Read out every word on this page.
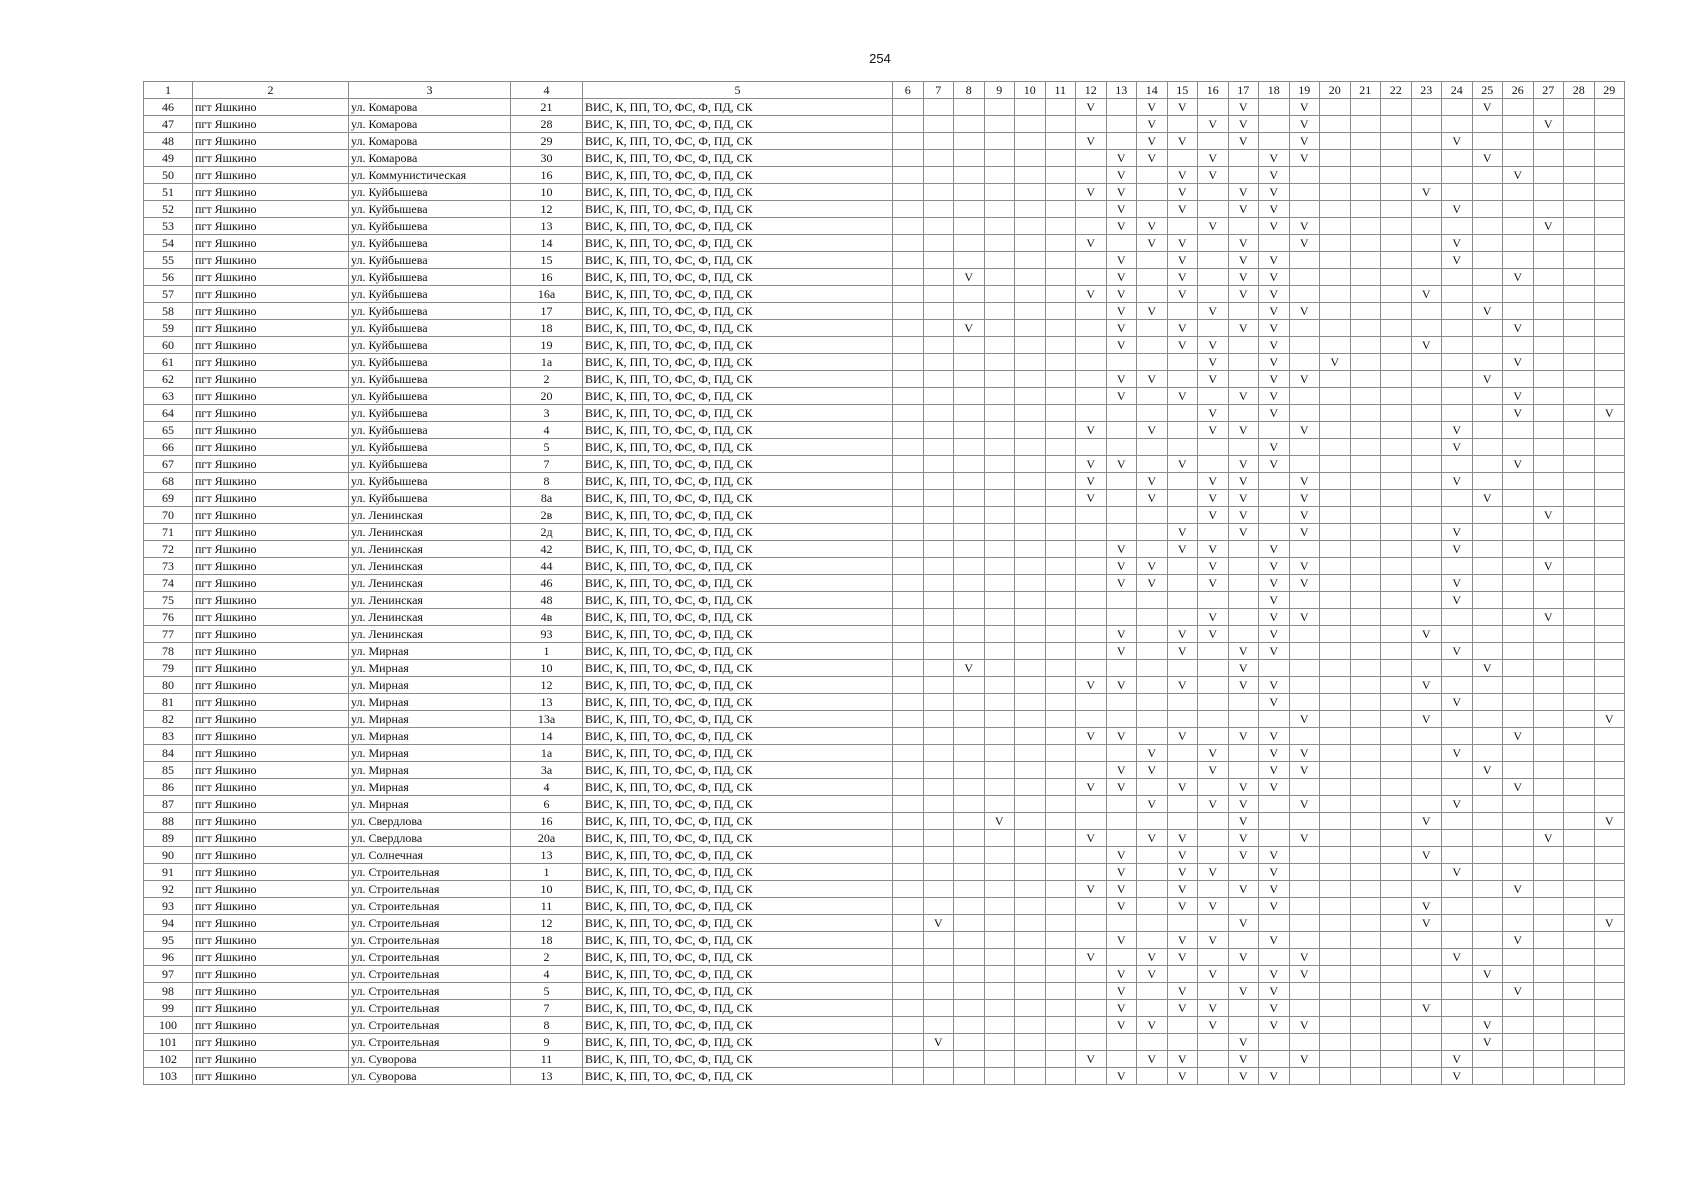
254
1	2	3	4	5	6	7	8	9	10	11	12	13	14	15	16	17	18	19	20	21	22	23	24	25	26	27	28	29
46	пгт Яшкино	ул. Комарова	21	ВИС, К, ПП, ТО, ФС, Ф, ПД, СК							V		V	V		V		V						V				
47	пгт Яшкино	ул. Комарова	28	ВИС, К, ПП, ТО, ФС, Ф, ПД, СК									V		V	V		V								V		
48	пгт Яшкино	ул. Комарова	29	ВИС, К, ПП, ТО, ФС, Ф, ПД, СК							V		V	V		V		V					V					
49	пгт Яшкино	ул. Комарова	30	ВИС, К, ПП, ТО, ФС, Ф, ПД, СК								V	V		V		V	V						V				
50	пгт Яшкино	ул. Коммунистическая	16	ВИС, К, ПП, ТО, ФС, Ф, ПД, СК								V		V	V		V								V			
51	пгт Яшкино	ул. Куйбышева	10	ВИС, К, ПП, ТО, ФС, Ф, ПД, СК							V	V		V		V	V					V						
52	пгт Яшкино	ул. Куйбышева	12	ВИС, К, ПП, ТО, ФС, Ф, ПД, СК								V		V		V	V						V					
53	пгт Яшкино	ул. Куйбышева	13	ВИС, К, ПП, ТО, ФС, Ф, ПД, СК								V	V		V		V	V								V		
54	пгт Яшкино	ул. Куйбышева	14	ВИС, К, ПП, ТО, ФС, Ф, ПД, СК							V		V	V		V		V					V					
55	пгт Яшкино	ул. Куйбышева	15	ВИС, К, ПП, ТО, ФС, Ф, ПД, СК								V		V		V	V						V					
56	пгт Яшкино	ул. Куйбышева	16	ВИС, К, ПП, ТО, ФС, Ф, ПД, СК			V					V		V		V	V								V			
57	пгт Яшкино	ул. Куйбышева	16а	ВИС, К, ПП, ТО, ФС, Ф, ПД, СК							V	V		V		V	V					V						
58	пгт Яшкино	ул. Куйбышева	17	ВИС, К, ПП, ТО, ФС, Ф, ПД, СК								V	V		V		V	V						V				
59	пгт Яшкино	ул. Куйбышева	18	ВИС, К, ПП, ТО, ФС, Ф, ПД, СК			V					V		V		V	V								V			
60	пгт Яшкино	ул. Куйбышева	19	ВИС, К, ПП, ТО, ФС, Ф, ПД, СК								V		V	V		V					V						
61	пгт Яшкино	ул. Куйбышева	1а	ВИС, К, ПП, ТО, ФС, Ф, ПД, СК											V		V		V						V			
62	пгт Яшкино	ул. Куйбышева	2	ВИС, К, ПП, ТО, ФС, Ф, ПД, СК								V	V		V		V	V						V				
63	пгт Яшкино	ул. Куйбышева	20	ВИС, К, ПП, ТО, ФС, Ф, ПД, СК								V		V		V	V								V			
64	пгт Яшкино	ул. Куйбышева	3	ВИС, К, ПП, ТО, ФС, Ф, ПД, СК											V		V								V			V
65	пгт Яшкино	ул. Куйбышева	4	ВИС, К, ПП, ТО, ФС, Ф, ПД, СК							V		V		V	V		V					V					
66	пгт Яшкино	ул. Куйбышева	5	ВИС, К, ПП, ТО, ФС, Ф, ПД, СК													V						V					
67	пгт Яшкино	ул. Куйбышева	7	ВИС, К, ПП, ТО, ФС, Ф, ПД, СК							V	V		V		V	V								V			
68	пгт Яшкино	ул. Куйбышева	8	ВИС, К, ПП, ТО, ФС, Ф, ПД, СК							V		V		V	V		V					V					
69	пгт Яшкино	ул. Куйбышева	8а	ВИС, К, ПП, ТО, ФС, Ф, ПД, СК							V		V		V	V		V						V				
70	пгт Яшкино	ул. Ленинская	2в	ВИС, К, ПП, ТО, ФС, Ф, ПД, СК											V	V		V								V		
71	пгт Яшкино	ул. Ленинская	2д	ВИС, К, ПП, ТО, ФС, Ф, ПД, СК										V		V		V					V					
72	пгт Яшкино	ул. Ленинская	42	ВИС, К, ПП, ТО, ФС, Ф, ПД, СК								V		V	V		V						V					
73	пгт Яшкино	ул. Ленинская	44	ВИС, К, ПП, ТО, ФС, Ф, ПД, СК								V	V		V		V	V								V		
74	пгт Яшкино	ул. Ленинская	46	ВИС, К, ПП, ТО, ФС, Ф, ПД, СК								V	V		V		V	V					V					
75	пгт Яшкино	ул. Ленинская	48	ВИС, К, ПП, ТО, ФС, Ф, ПД, СК													V						V					
76	пгт Яшкино	ул. Ленинская	4в	ВИС, К, ПП, ТО, ФС, Ф, ПД, СК											V		V	V								V		
77	пгт Яшкино	ул. Ленинская	93	ВИС, К, ПП, ТО, ФС, Ф, ПД, СК								V		V	V		V					V						
78	пгт Яшкино	ул. Мирная	1	ВИС, К, ПП, ТО, ФС, Ф, ПД, СК								V		V		V	V						V					
79	пгт Яшкино	ул. Мирная	10	ВИС, К, ПП, ТО, ФС, Ф, ПД, СК			V									V								V				
80	пгт Яшкино	ул. Мирная	12	ВИС, К, ПП, ТО, ФС, Ф, ПД, СК							V	V		V		V	V					V						
81	пгт Яшкино	ул. Мирная	13	ВИС, К, ПП, ТО, ФС, Ф, ПД, СК													V						V					
82	пгт Яшкино	ул. Мирная	13а	ВИС, К, ПП, ТО, ФС, Ф, ПД, СК														V				V						V
83	пгт Яшкино	ул. Мирная	14	ВИС, К, ПП, ТО, ФС, Ф, ПД, СК							V	V		V		V	V								V			
84	пгт Яшкино	ул. Мирная	1а	ВИС, К, ПП, ТО, ФС, Ф, ПД, СК									V		V		V	V					V					
85	пгт Яшкино	ул. Мирная	3а	ВИС, К, ПП, ТО, ФС, Ф, ПД, СК								V	V		V		V	V						V				
86	пгт Яшкино	ул. Мирная	4	ВИС, К, ПП, ТО, ФС, Ф, ПД, СК							V	V		V		V	V								V			
87	пгт Яшкино	ул. Мирная	6	ВИС, К, ПП, ТО, ФС, Ф, ПД, СК									V		V	V		V					V					
88	пгт Яшкино	ул. Свердлова	16	ВИС, К, ПП, ТО, ФС, Ф, ПД, СК				V								V						V						V
89	пгт Яшкино	ул. Свердлова	20а	ВИС, К, ПП, ТО, ФС, Ф, ПД, СК							V		V	V		V		V								V		
90	пгт Яшкино	ул. Солнечная	13	ВИС, К, ПП, ТО, ФС, Ф, ПД, СК								V		V		V	V					V						
91	пгт Яшкино	ул. Строительная	1	ВИС, К, ПП, ТО, ФС, Ф, ПД, СК								V		V	V		V						V					
92	пгт Яшкино	ул. Строительная	10	ВИС, К, ПП, ТО, ФС, Ф, ПД, СК							V	V		V		V	V								V			
93	пгт Яшкино	ул. Строительная	11	ВИС, К, ПП, ТО, ФС, Ф, ПД, СК								V		V	V		V					V						
94	пгт Яшкино	ул. Строительная	12	ВИС, К, ПП, ТО, ФС, Ф, ПД, СК		V										V						V						V
95	пгт Яшкино	ул. Строительная	18	ВИС, К, ПП, ТО, ФС, Ф, ПД, СК								V		V	V		V								V			
96	пгт Яшкино	ул. Строительная	2	ВИС, К, ПП, ТО, ФС, Ф, ПД, СК							V		V	V		V		V					V					
97	пгт Яшкино	ул. Строительная	4	ВИС, К, ПП, ТО, ФС, Ф, ПД, СК								V	V		V		V	V						V				
98	пгт Яшкино	ул. Строительная	5	ВИС, К, ПП, ТО, ФС, Ф, ПД, СК								V		V		V	V								V			
99	пгт Яшкино	ул. Строительная	7	ВИС, К, ПП, ТО, ФС, Ф, ПД, СК								V		V	V		V					V						
100	пгт Яшкино	ул. Строительная	8	ВИС, К, ПП, ТО, ФС, Ф, ПД, СК								V	V		V		V	V						V				
101	пгт Яшкино	ул. Строительная	9	ВИС, К, ПП, ТО, ФС, Ф, ПД, СК		V										V								V				
102	пгт Яшкино	ул. Суворова	11	ВИС, К, ПП, ТО, ФС, Ф, ПД, СК							V		V	V		V		V					V					
103	пгт Яшкино	ул. Суворова	13	ВИС, К, ПП, ТО, ФС, Ф, ПД, СК								V		V		V	V						V					
